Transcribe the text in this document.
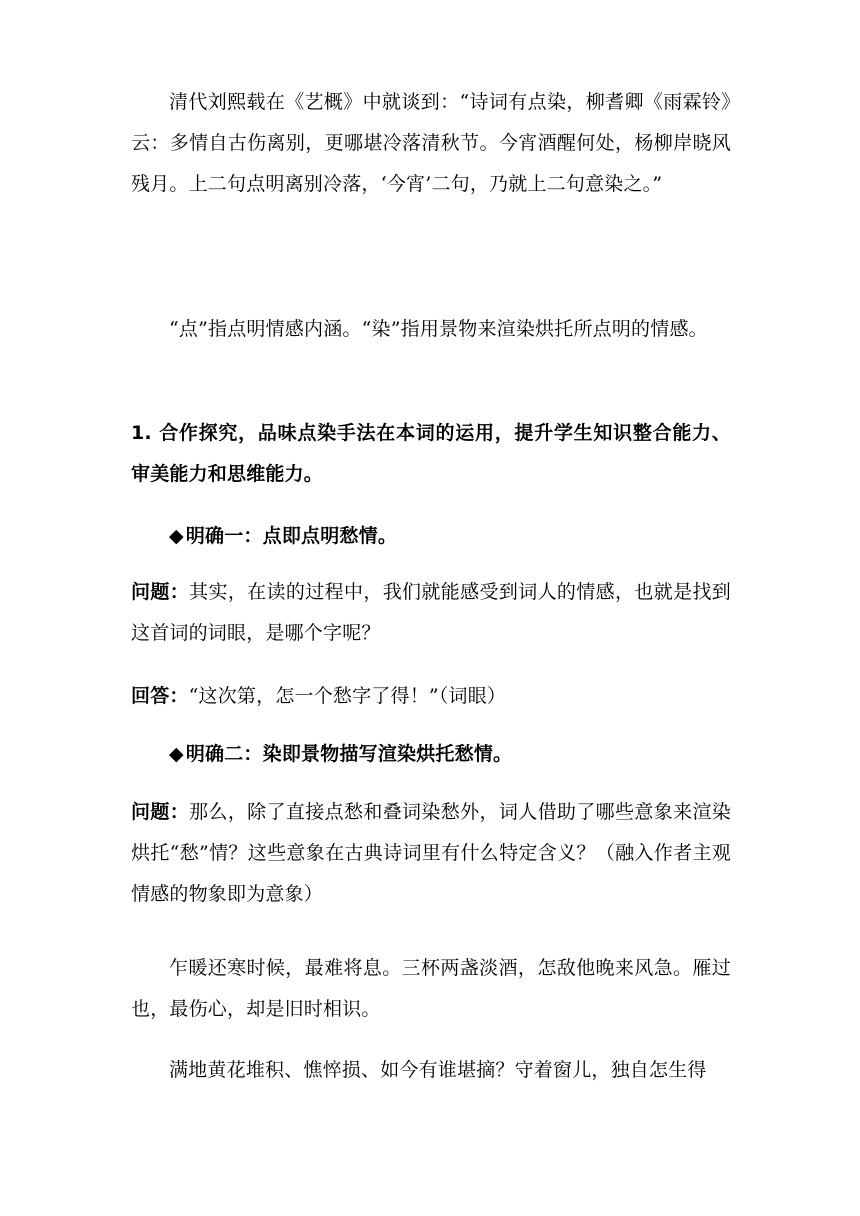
清代刘熙载在《艺概》中就谈到：“诗词有点染，柳耆卿《雨霖铃》云：多情自古伤离别，更哪堪冷落清秋节。今宵酒醒何处，杨柳岸晓风残月。上二句点明离别冷落，‘今宵’二句，乃就上二句意染之。”

“点”指点明情感内涵。“染”指用景物来渲染烘托所点明的情感。

1. 合作探究，品味点染手法在本词的运用，提升学生知识整合能力、审美能力和思维能力。

◆ 明确一：点即点明愁情。

问题：其实，在读的过程中，我们就能感受到词人的情感，也就是找到这首词的词眼，是哪个字呢？

回答：“这次第，怎一个愁字了得！”（词眼）

◆ 明确二：染即景物描写渲染烘托愁情。

问题：那么，除了直接点愁和叠词染愁外，词人借助了哪些意象来渲染烘托“愁”情？这些意象在古典诗词里有什么特定含义？（融入作者主观情感的物象即为意象）

乍暖还寒时候，最难将息。三杯两盏淡酒，怎敌他晚来风急。雁过也，最伤心，却是旧时相识。

满地黄花堆积、憔悴损、如今有谁堪摘？守着窗儿，独自怎生得
